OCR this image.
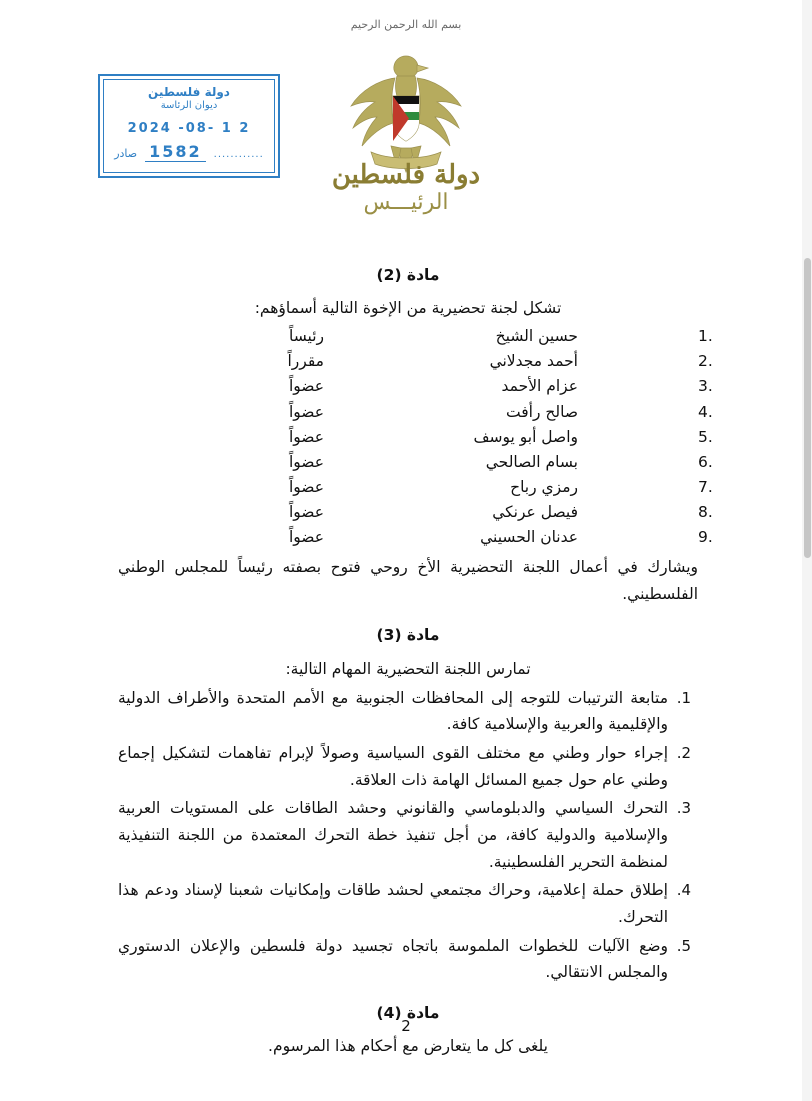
بسم الله الرحمن الرحيم
دولة فلسطين
ديوان الرئاسة
2 1 -08- 2024
............
1582
صادر
دولة فلسطين
الرئيـــس
مادة (2)

تشكل لجنة تحضيرية من الإخوة التالية أسماؤهم:

1.
حسين الشيخ
رئيساً
2.
أحمد مجدلاني
مقرراً
3.
عزام الأحمد
عضواً
4.
صالح رأفت
عضواً
5.
واصل أبو يوسف
عضواً
6.
بسام الصالحي
عضواً
7.
رمزي رباح
عضواً
8.
فيصل عرنكي
عضواً
9.
عدنان الحسيني
عضواً

ويشارك في أعمال اللجنة التحضيرية الأخ روحي فتوح بصفته رئيساً للمجلس الوطني الفلسطيني.

مادة (3)

تمارس اللجنة التحضيرية المهام التالية:

1. متابعة الترتيبات للتوجه إلى المحافظات الجنوبية مع الأمم المتحدة والأطراف الدولية والإقليمية والعربية والإسلامية كافة.
2. إجراء حوار وطني مع مختلف القوى السياسية وصولاً لإبرام تفاهمات لتشكيل إجماع وطني عام حول جميع المسائل الهامة ذات العلاقة.
3. التحرك السياسي والدبلوماسي والقانوني وحشد الطاقات على المستويات العربية والإسلامية والدولية كافة، من أجل تنفيذ خطة التحرك المعتمدة من اللجنة التنفيذية لمنظمة التحرير الفلسطينية.
4. إطلاق حملة إعلامية، وحراك مجتمعي لحشد طاقات وإمكانيات شعبنا لإسناد ودعم هذا التحرك.
5. وضع الآليات للخطوات الملموسة باتجاه تجسيد دولة فلسطين والإعلان الدستوري والمجلس الانتقالي.
مادة (4)

يلغى كل ما يتعارض مع أحكام هذا المرسوم.

2
